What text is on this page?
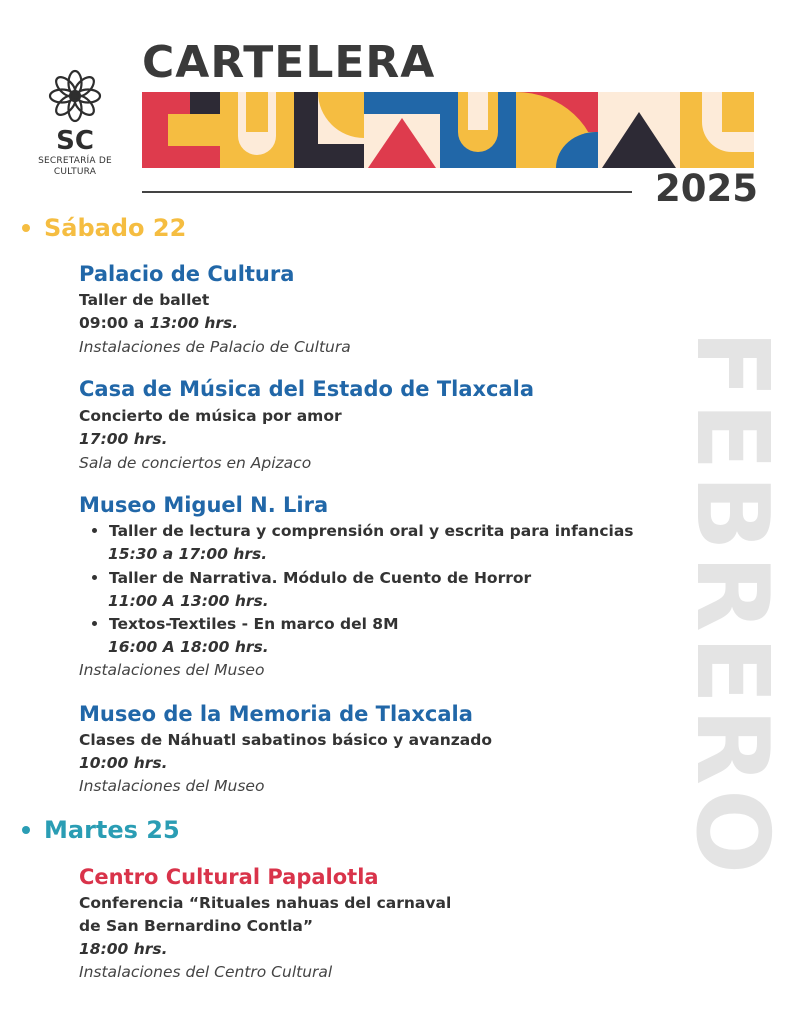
SC
SECRETARÍA DE
CULTURA
CARTELERA
2025
FEBRERO
Sábado 22
Palacio de Cultura
Taller de ballet
09:00 a 13:00 hrs.
Instalaciones de Palacio de Cultura
Casa de Música del Estado de Tlaxcala
Concierto de música por amor
17:00 hrs.
Sala de conciertos en Apizaco
Museo Miguel N. Lira
Taller de lectura y comprensión oral y escrita para infancias
15:30 a 17:00 hrs.
Taller de Narrativa. Módulo de Cuento de Horror
11:00 A 13:00 hrs.
Textos-Textiles - En marco del 8M
16:00 A 18:00 hrs.
Instalaciones del Museo
Museo de la Memoria de Tlaxcala
Clases de Náhuatl sabatinos básico y avanzado
10:00 hrs.
Instalaciones del Museo
Martes 25
Centro Cultural Papalotla
Conferencia “Rituales nahuas del carnaval
de San Bernardino Contla”
18:00 hrs.
Instalaciones del Centro Cultural
